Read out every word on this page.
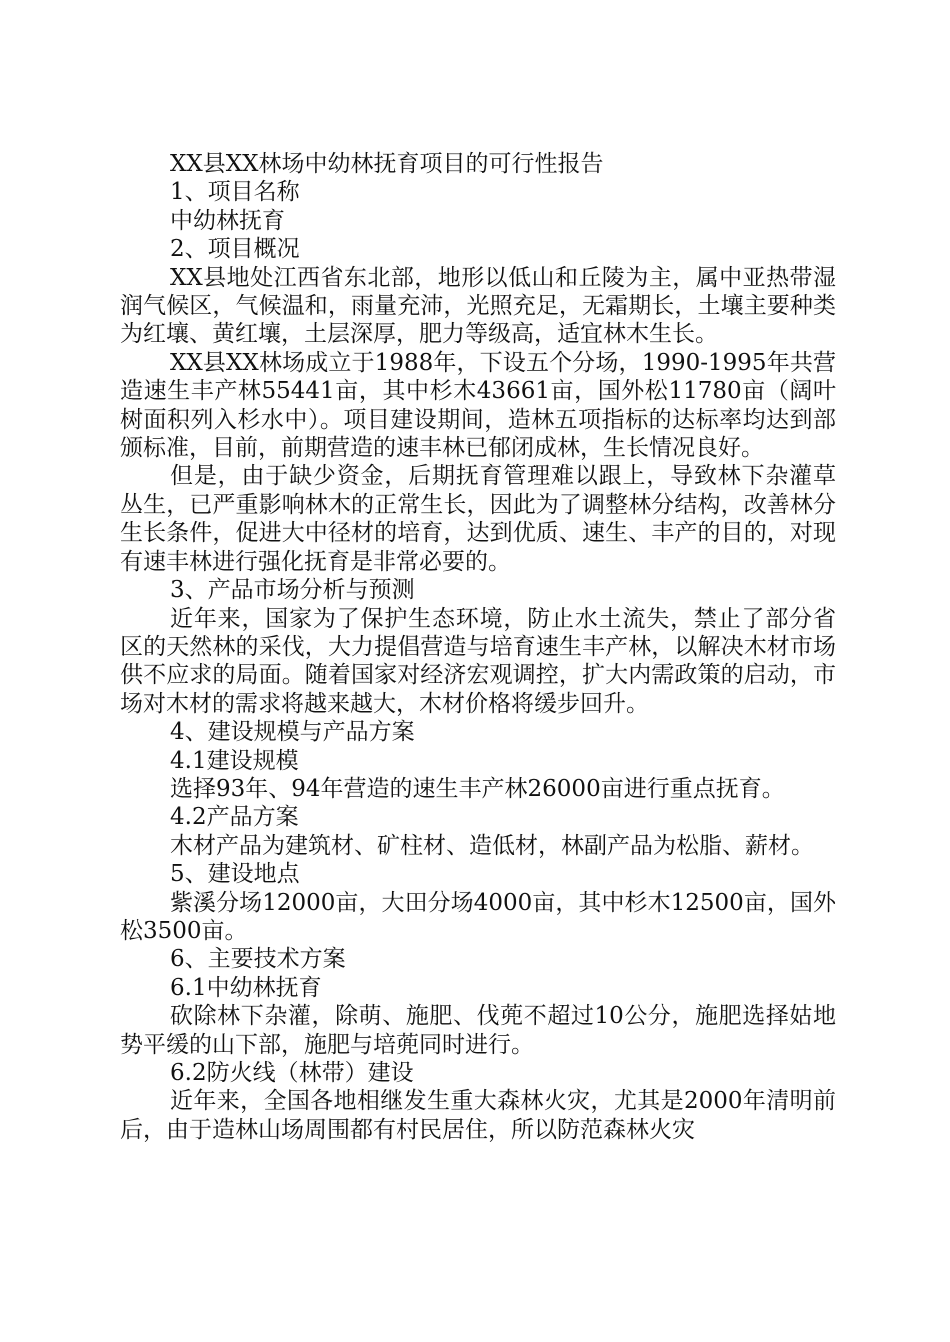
XX县XX林场中幼林抚育项目的可行性报告

1、项目名称

中幼林抚育

2、项目概况

XX县地处江西省东北部，地形以低山和丘陵为主，属中亚热带湿润气候区，气候温和，雨量充沛，光照充足，无霜期长，土壤主要种类为红壤、黄红壤，土层深厚，肥力等级高，适宜林木生长。

XX县XX林场成立于1988年，下设五个分场，1990-1995年共营造速生丰产林55441亩，其中杉木43661亩，国外松11780亩（阔叶树面积列入杉水中）。项目建设期间，造林五项指标的达标率均达到部颁标准，目前，前期营造的速丰林已郁闭成林，生长情况良好。

但是，由于缺少资金，后期抚育管理难以跟上，导致林下杂灌草丛生，已严重影响林木的正常生长，因此为了调整林分结构，改善林分生长条件，促进大中径材的培育，达到优质、速生、丰产的目的，对现有速丰林进行强化抚育是非常必要的。

3、产品市场分析与预测

近年来，国家为了保护生态环境，防止水土流失，禁止了部分省区的天然林的采伐，大力提倡营造与培育速生丰产林，以解决木材市场供不应求的局面。随着国家对经济宏观调控，扩大内需政策的启动，市场对木材的需求将越来越大，木材价格将缓步回升。

4、建设规模与产品方案

4.1建设规模

选择93年、94年营造的速生丰产林26000亩进行重点抚育。

4.2产品方案

木材产品为建筑材、矿柱材、造低材，林副产品为松脂、薪材。

5、建设地点

紫溪分场12000亩，大田分场4000亩，其中杉木12500亩，国外松3500亩。

6、主要技术方案

6.1中幼林抚育

砍除林下杂灌，除萌、施肥、伐蔸不超过10公分，施肥选择姑地势平缓的山下部，施肥与培蔸同时进行。

6.2防火线（林带）建设

近年来，全国各地相继发生重大森林火灾，尤其是2000年清明前后，由于造林山场周围都有村民居住，所以防范森林火灾
